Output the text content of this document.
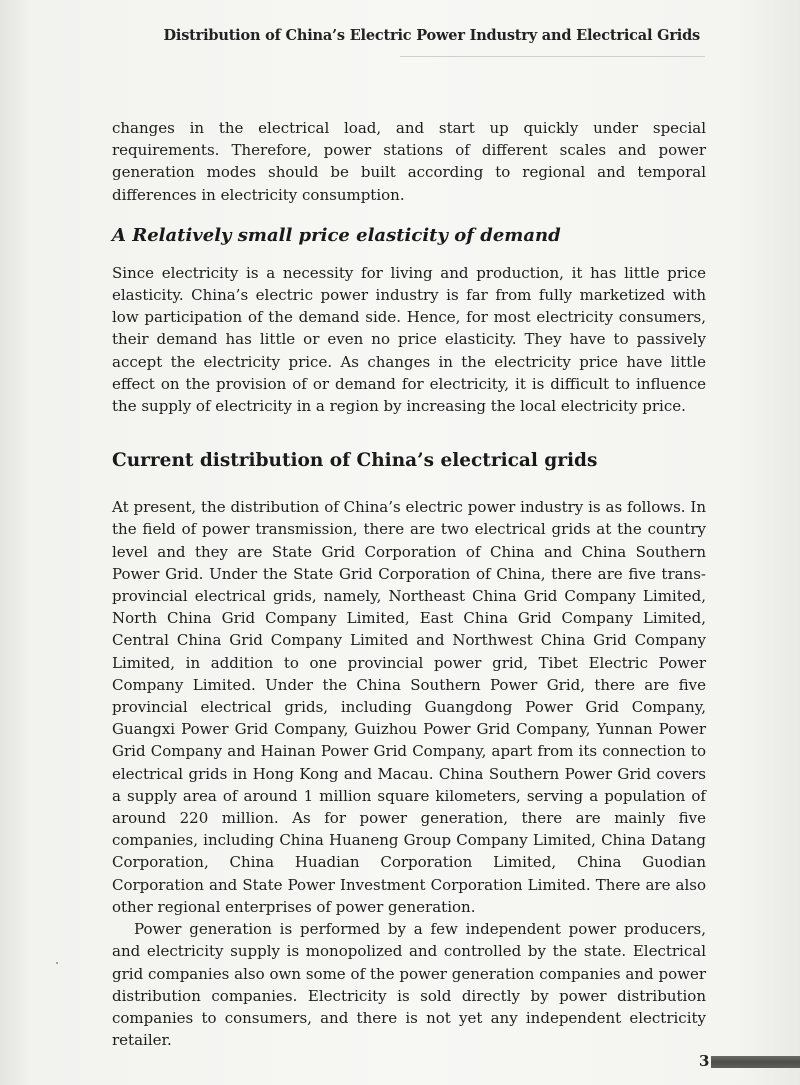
Distribution of China’s Electric Power Industry and Electrical Grids

changes in the electrical load, and start up quickly under special requirements. Therefore, power stations of different scales and power generation modes should be built according to regional and temporal differences in electricity consumption.

A Relatively small price elasticity of demand

Since electricity is a necessity for living and production, it has little price elasticity. China’s electric power industry is far from fully marketized with low participation of the demand side. Hence, for most electricity consumers, their demand has little or even no price elasticity. They have to passively accept the electricity price. As changes in the electricity price have little effect on the provision of or demand for electricity, it is difficult to influence the supply of electricity in a region by increasing the local electricity price.

Current distribution of China’s electrical grids

At present, the distribution of China’s electric power industry is as follows. In the field of power transmission, there are two electrical grids at the country level and they are State Grid Corporation of China and China Southern Power Grid. Under the State Grid Corporation of China, there are five trans-provincial electrical grids, namely, Northeast China Grid Company Limited, North China Grid Company Limited, East China Grid Company Limited, Central China Grid Company Limited and Northwest China Grid Company Limited, in addition to one provincial power grid, Tibet Electric Power Company Limited. Under the China Southern Power Grid, there are five provincial electrical grids, including Guangdong Power Grid Company, Guangxi Power Grid Company, Guizhou Power Grid Company, Yunnan Power Grid Company and Hainan Power Grid Company, apart from its connection to electrical grids in Hong Kong and Macau. China Southern Power Grid covers a supply area of around 1 million square kilometers, serving a population of around 220 million. As for power generation, there are mainly five companies, including China Huaneng Group Company Limited, China Datang Corporation, China Huadian Corporation Limited, China Guodian Corporation and State Power Investment Corporation Limited. There are also other regional enterprises of power generation.

Power generation is performed by a few independent power producers, and electricity supply is monopolized and controlled by the state. Electrical grid companies also own some of the power generation companies and power distribution companies. Electricity is sold directly by power distribution companies to consumers, and there is not yet any independent electricity retailer.

3
